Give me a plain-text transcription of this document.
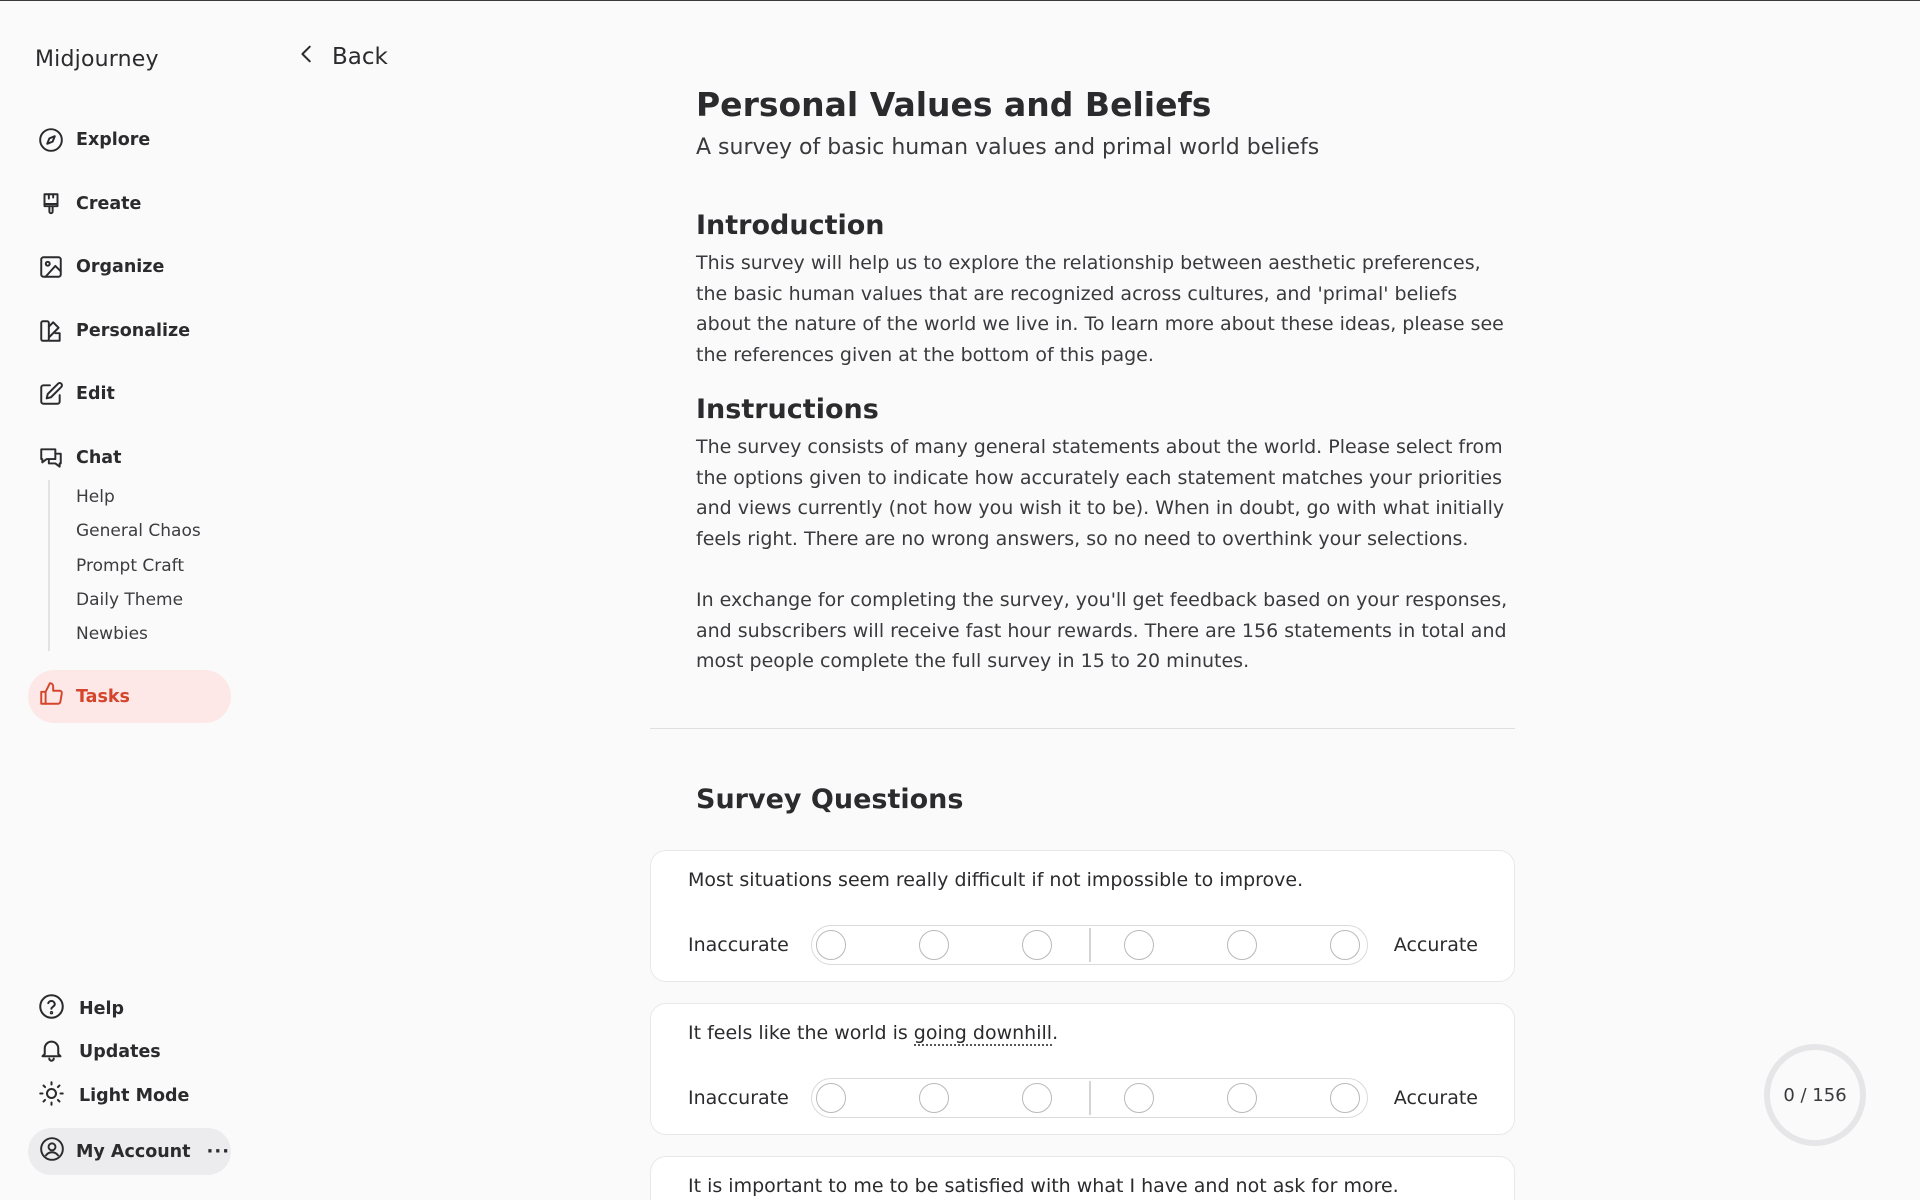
Midjourney
Explore
Create
Organize
Personalize
Edit
Chat
Help
General Chaos
Prompt Craft
Daily Theme
Newbies
Tasks
Help
Updates
Light Mode
My Account ···
Back
Personal Values and Beliefs
A survey of basic human values and primal world beliefs
Introduction
This survey will help us to explore the relationship between aesthetic preferences, the basic human values that are recognized across cultures, and 'primal' beliefs about the nature of the world we live in. To learn more about these ideas, please see the references given at the bottom of this page.
Instructions
The survey consists of many general statements about the world. Please select from the options given to indicate how accurately each statement matches your priorities and views currently (not how you wish it to be). When in doubt, go with what initially feels right. There are no wrong answers, so no need to overthink your selections.
In exchange for completing the survey, you'll get feedback based on your responses, and subscribers will receive fast hour rewards. There are 156 statements in total and most people complete the full survey in 15 to 20 minutes.
Survey Questions
Most situations seem really difficult if not impossible to improve.
Inaccurate	Accurate
It feels like the world is going downhill.
Inaccurate	Accurate
It is important to me to be satisfied with what I have and not ask for more.
0 / 156
